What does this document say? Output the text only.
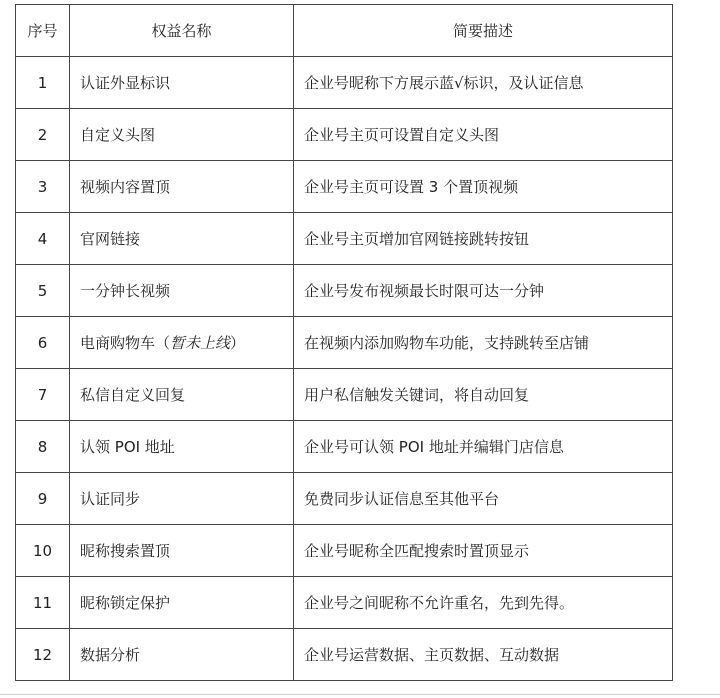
序号	权益名称	简要描述
1	认证外显标识	企业号昵称下方展示蓝√标识，及认证信息
2	自定义头图	企业号主页可设置自定义头图
3	视频内容置顶	企业号主页可设置 3 个置顶视频
4	官网链接	企业号主页增加官网链接跳转按钮
5	一分钟长视频	企业号发布视频最长时限可达一分钟
6	电商购物车（暂未上线）	在视频内添加购物车功能，支持跳转至店铺
7	私信自定义回复	用户私信触发关键词，将自动回复
8	认领 POI 地址	企业号可认领 POI 地址并编辑门店信息
9	认证同步	免费同步认证信息至其他平台
10	昵称搜索置顶	企业号昵称全匹配搜索时置顶显示
11	昵称锁定保护	企业号之间昵称不允许重名，先到先得。
12	数据分析	企业号运营数据、主页数据、互动数据
